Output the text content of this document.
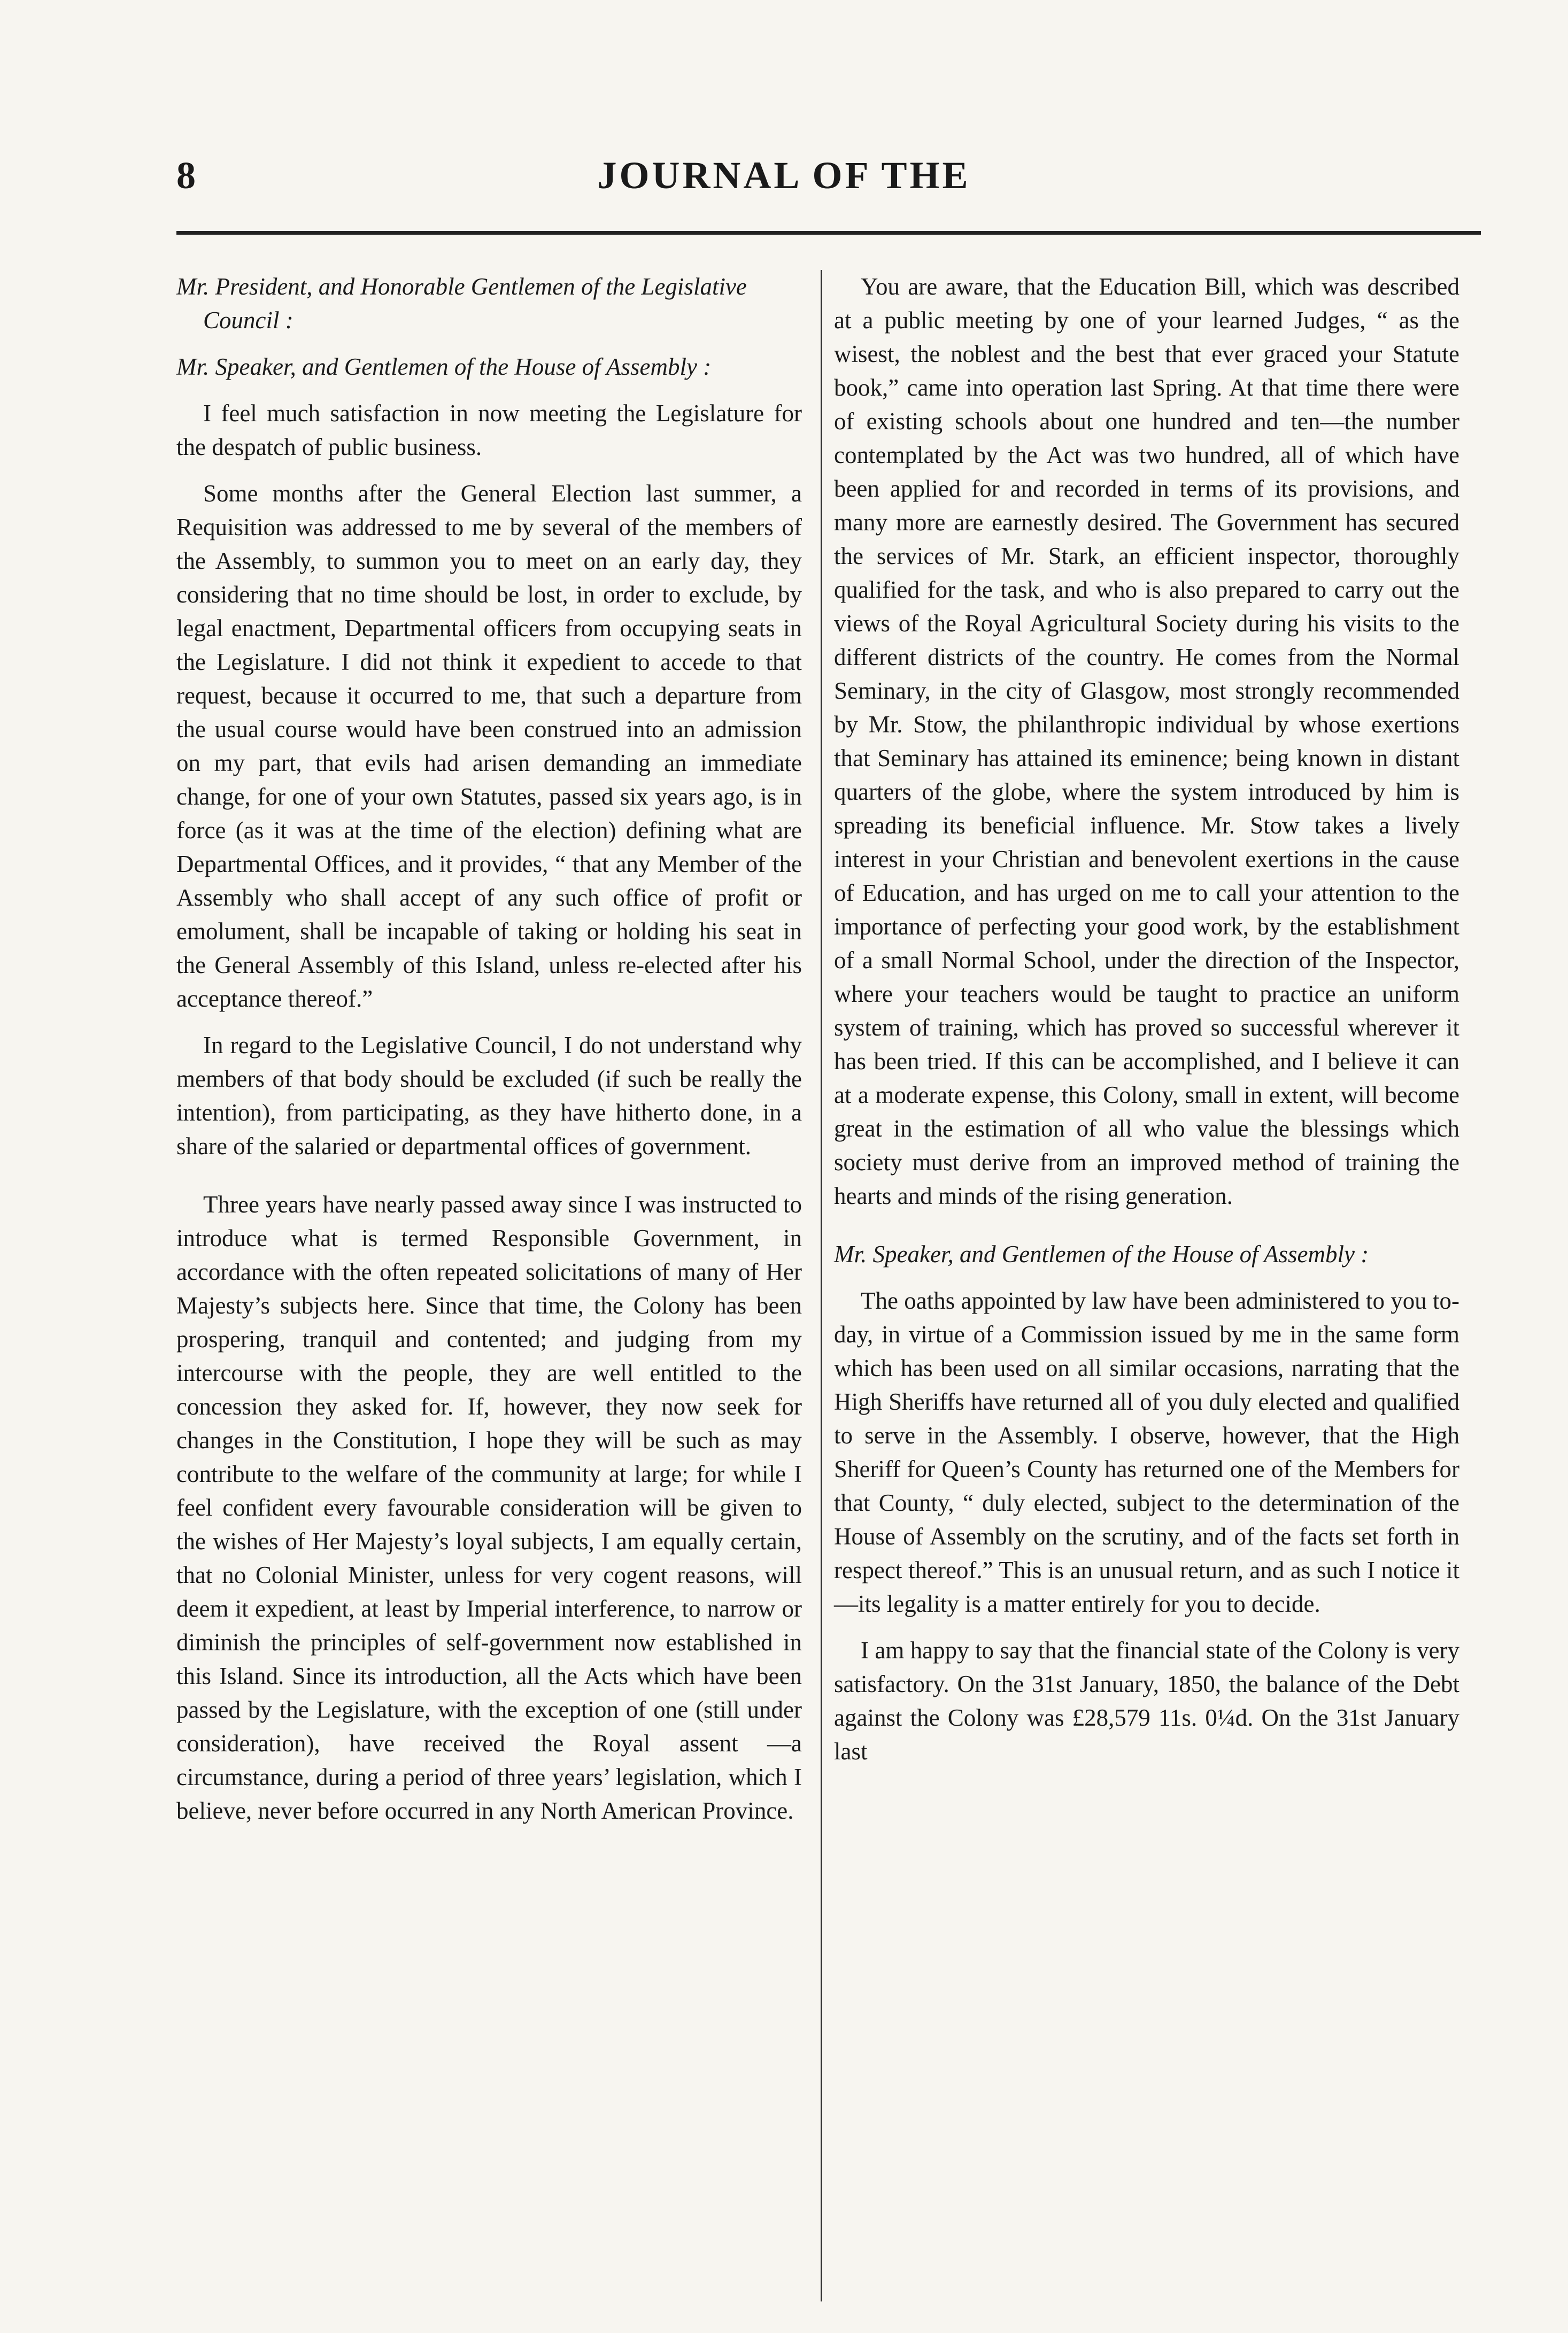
8	JOURNAL OF THE

Mr. President, and Honorable Gentlemen of the Legislative Council :

Mr. Speaker, and Gentlemen of the House of Assembly :

I feel much satisfaction in now meeting the Legislature for the despatch of public business.

Some months after the General Election last summer, a Requisition was addressed to me by several of the members of the Assembly, to summon you to meet on an early day, they considering that no time should be lost, in order to exclude, by legal enactment, Departmental officers from occupying seats in the Legislature. I did not think it expedient to accede to that request, because it occurred to me, that such a departure from the usual course would have been construed into an admission on my part, that evils had arisen demanding an immediate change, for one of your own Statutes, passed six years ago, is in force (as it was at the time of the election) defining what are Departmental Offices, and it provides, “ that any Member of the Assembly who shall accept of any such office of profit or emolument, shall be incapable of taking or holding his seat in the General Assembly of this Island, unless re-elected after his acceptance thereof.”

In regard to the Legislative Council, I do not understand why members of that body should be excluded (if such be really the intention), from participating, as they have hitherto done, in a share of the salaried or departmental offices of government.

Three years have nearly passed away since I was instructed to introduce what is termed Responsible Government, in accordance with the often repeated solicitations of many of Her Majesty’s subjects here. Since that time, the Colony has been prospering, tranquil and contented; and judging from my intercourse with the people, they are well entitled to the concession they asked for. If, however, they now seek for changes in the Constitution, I hope they will be such as may contribute to the welfare of the community at large; for while I feel confident every favourable consideration will be given to the wishes of Her Majesty’s loyal subjects, I am equally certain, that no Colonial Minister, unless for very cogent reasons, will deem it expedient, at least by Imperial interference, to narrow or diminish the principles of self-government now established in this Island. Since its introduction, all the Acts which have been passed by the Legislature, with the exception of one (still under consideration), have received the Royal assent —a circumstance, during a period of three years’ legislation, which I believe, never before occurred in any North American Province.

You are aware, that the Education Bill, which was described at a public meeting by one of your learned Judges, “ as the wisest, the noblest and the best that ever graced your Statute book,” came into operation last Spring. At that time there were of existing schools about one hundred and ten—the number contemplated by the Act was two hundred, all of which have been applied for and recorded in terms of its provisions, and many more are earnestly desired. The Government has secured the services of Mr. Stark, an efficient inspector, thoroughly qualified for the task, and who is also prepared to carry out the views of the Royal Agricultural Society during his visits to the different districts of the country. He comes from the Normal Seminary, in the city of Glasgow, most strongly recommended by Mr. Stow, the philanthropic individual by whose exertions that Seminary has attained its eminence; being known in distant quarters of the globe, where the system introduced by him is spreading its beneficial influence. Mr. Stow takes a lively interest in your Christian and benevolent exertions in the cause of Education, and has urged on me to call your attention to the importance of perfecting your good work, by the establishment of a small Normal School, under the direction of the Inspector, where your teachers would be taught to practice an uniform system of training, which has proved so successful wherever it has been tried. If this can be accomplished, and I believe it can at a moderate expense, this Colony, small in extent, will become great in the estimation of all who value the blessings which society must derive from an improved method of training the hearts and minds of the rising generation.

Mr. Speaker, and Gentlemen of the House of Assembly :

The oaths appointed by law have been administered to you to-day, in virtue of a Commission issued by me in the same form which has been used on all similar occasions, narrating that the High Sheriffs have returned all of you duly elected and qualified to serve in the Assembly. I observe, however, that the High Sheriff for Queen’s County has returned one of the Members for that County, “ duly elected, subject to the determination of the House of Assembly on the scrutiny, and of the facts set forth in respect thereof.” This is an unusual return, and as such I notice it—its legality is a matter entirely for you to decide.

I am happy to say that the financial state of the Colony is very satisfactory. On the 31st January, 1850, the balance of the Debt against the Colony was £28,579 11s. 0¼d. On the 31st January last
